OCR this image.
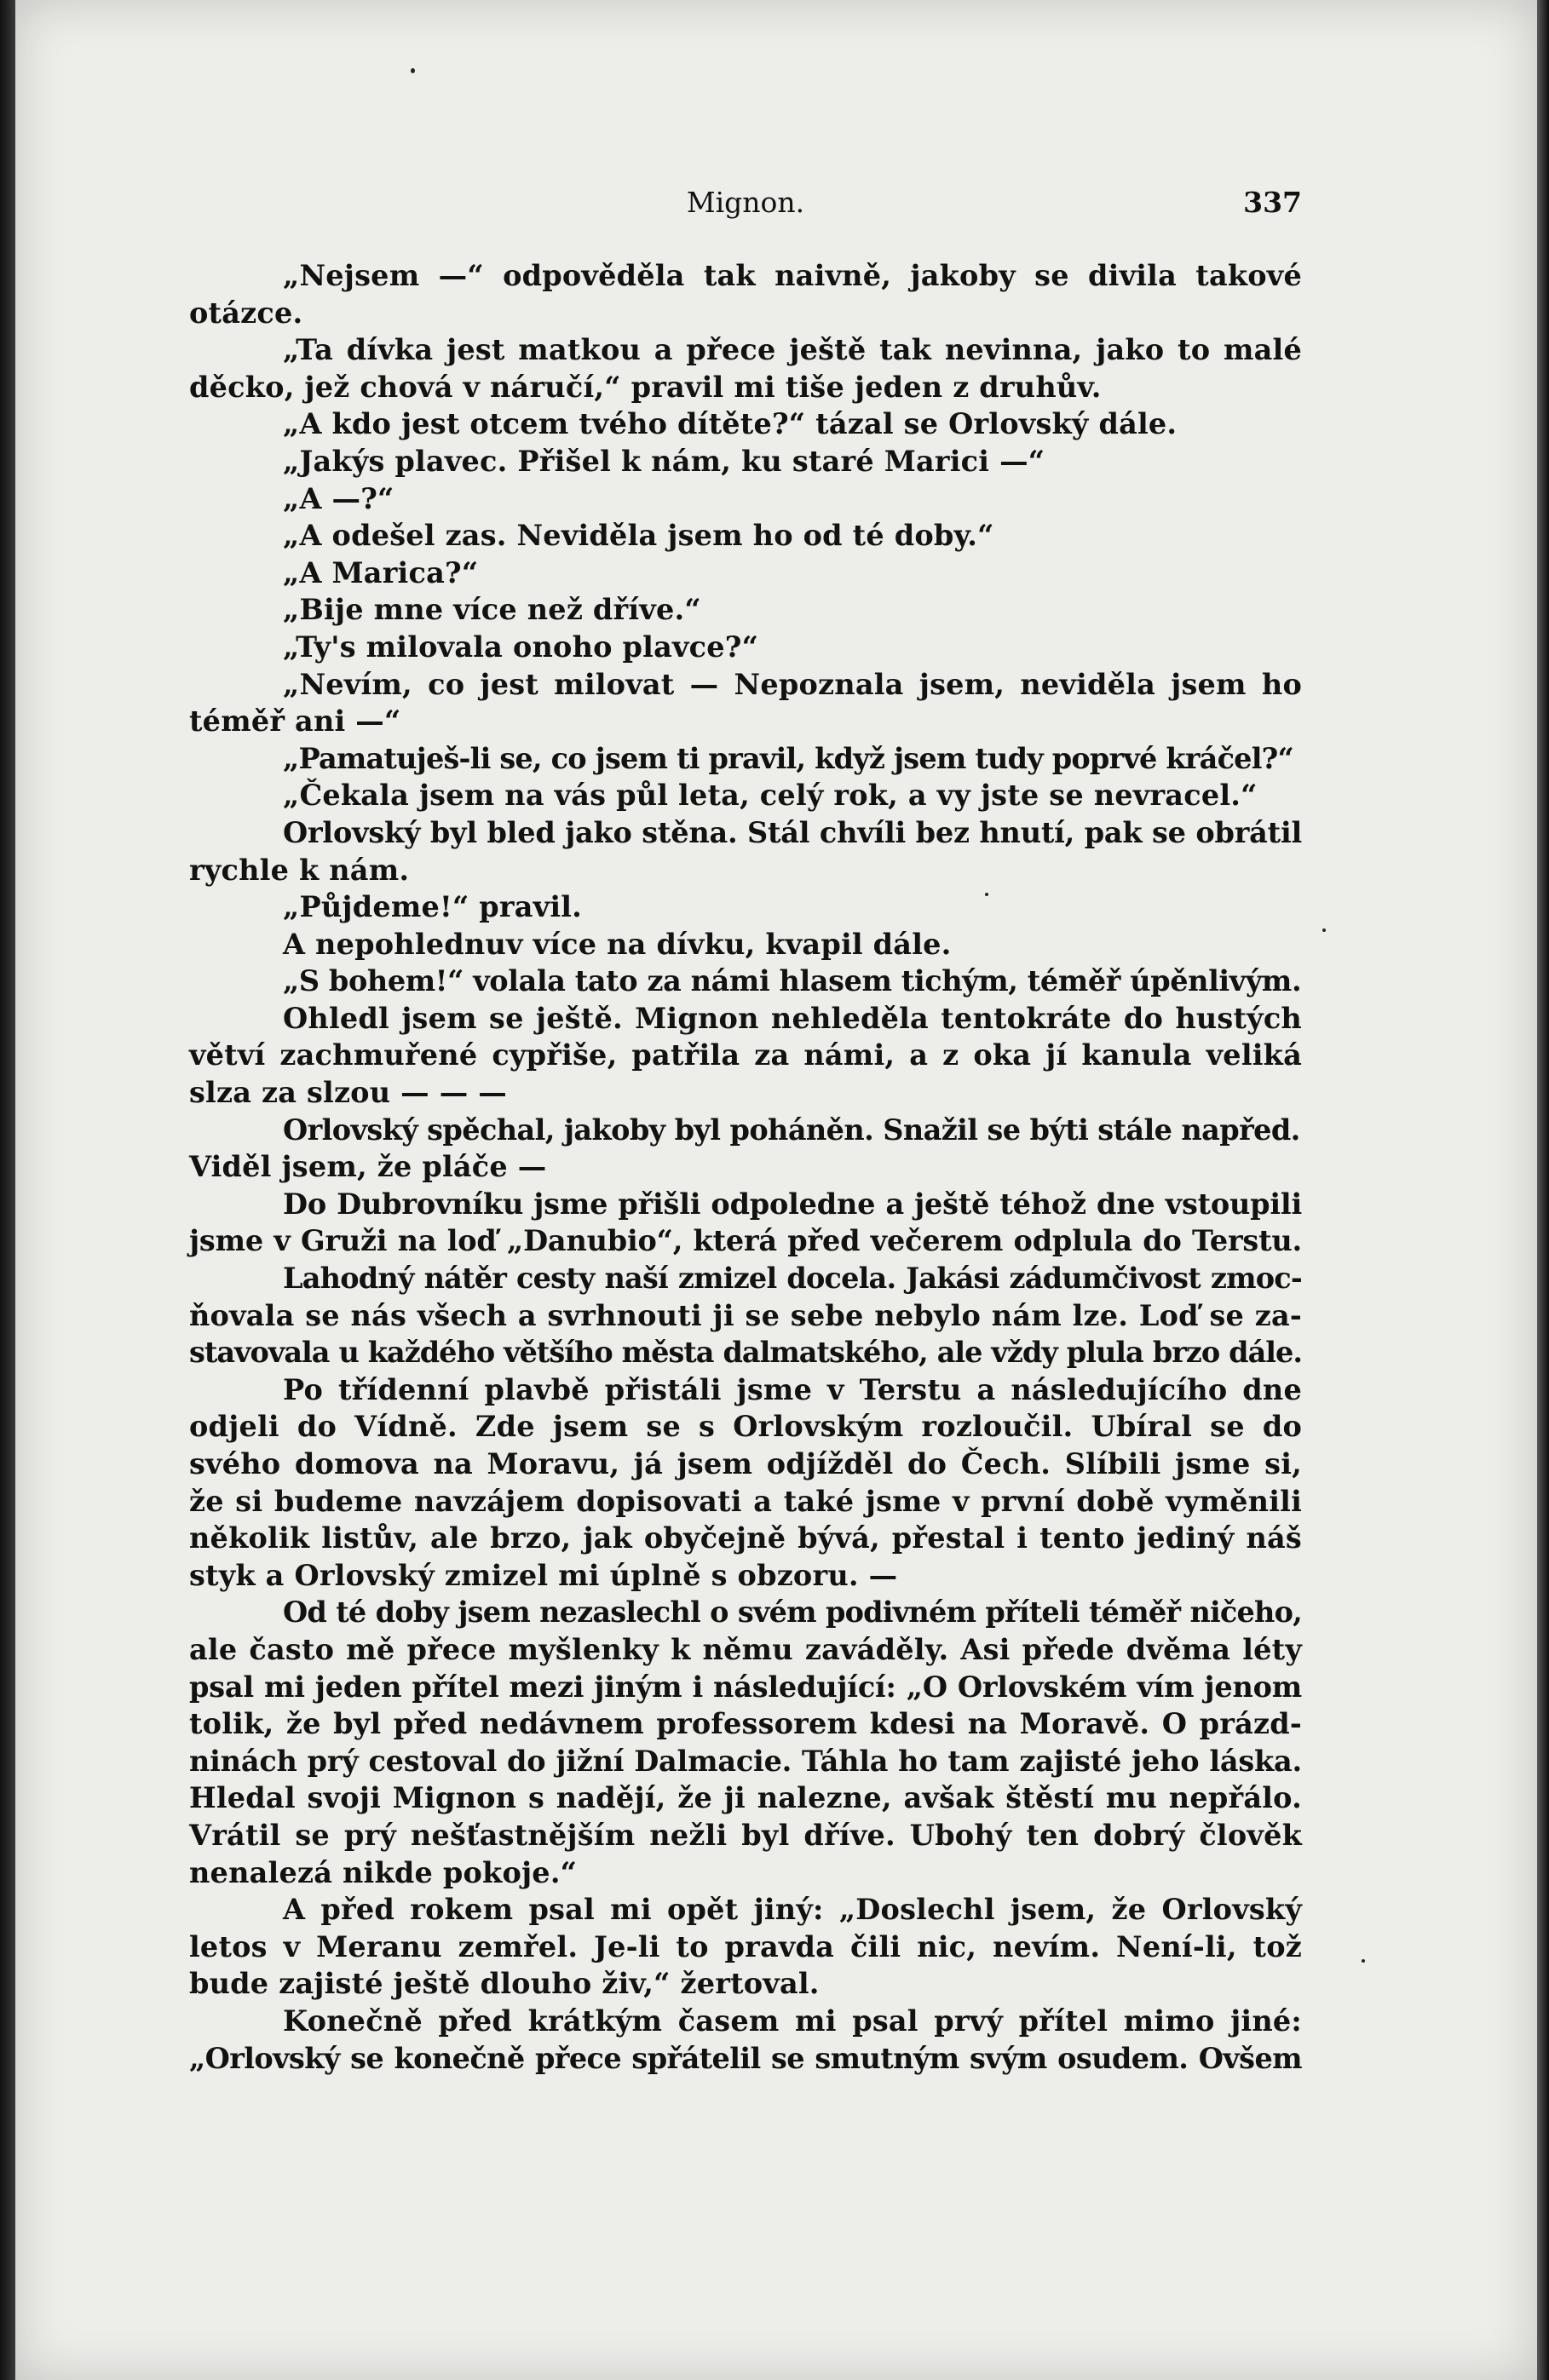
Mignon.	337
„Nejsem —“ odpověděla tak naivně, jakoby se divila takové
otázce.
„Ta dívka jest matkou a přece ještě tak nevinna, jako to malé
děcko, jež chová v náručí,“ pravil mi tiše jeden z druhův.
„A kdo jest otcem tvého dítěte?“ tázal se Orlovský dále.
„Jakýs plavec. Přišel k nám, ku staré Marici —“
„A —?“
„A odešel zas. Neviděla jsem ho od té doby.“
„A Marica?“
„Bije mne více než dříve.“
„Ty's milovala onoho plavce?“
„Nevím, co jest milovat — Nepoznala jsem, neviděla jsem ho
téměř ani —“
„Pamatuješ-li se, co jsem ti pravil, když jsem tudy poprvé kráčel?“
„Čekala jsem na vás půl leta, celý rok, a vy jste se nevracel.“
Orlovský byl bled jako stěna. Stál chvíli bez hnutí, pak se obrátil
rychle k nám.
„Půjdeme!“ pravil.
A nepohlednuv více na dívku, kvapil dále.
„S bohem!“ volala tato za námi hlasem tichým, téměř úpěnlivým.
Ohledl jsem se ještě. Mignon nehleděla tentokráte do hustých
větví zachmuřené cypřiše, patřila za námi, a z oka jí kanula veliká
slza za slzou — — —
Orlovský spěchal, jakoby byl poháněn. Snažil se býti stále napřed.
Viděl jsem, že pláče —
Do Dubrovníku jsme přišli odpoledne a ještě téhož dne vstoupili
jsme v Gruži na loď „Danubio“, která před večerem odplula do Terstu.
Lahodný nátěr cesty naší zmizel docela. Jakási zádumčivost zmoc-
ňovala se nás všech a svrhnouti ji se sebe nebylo nám lze. Loď se za-
stavovala u každého většího města dalmatského, ale vždy plula brzo dále.
Po třídenní plavbě přistáli jsme v Terstu a následujícího dne
odjeli do Vídně. Zde jsem se s Orlovským rozloučil. Ubíral se do
svého domova na Moravu, já jsem odjížděl do Čech. Slíbili jsme si,
že si budeme navzájem dopisovati a také jsme v první době vyměnili
několik listův, ale brzo, jak obyčejně bývá, přestal i tento jediný náš
styk a Orlovský zmizel mi úplně s obzoru. —
Od té doby jsem nezaslechl o svém podivném příteli téměř ničeho,
ale často mě přece myšlenky k němu zaváděly. Asi přede dvěma léty
psal mi jeden přítel mezi jiným i následující: „O Orlovském vím jenom
tolik, že byl před nedávnem professorem kdesi na Moravě. O prázd-
ninách prý cestoval do jižní Dalmacie. Táhla ho tam zajisté jeho láska.
Hledal svoji Mignon s nadějí, že ji nalezne, avšak štěstí mu nepřálo.
Vrátil se prý nešťastnějším nežli byl dříve. Ubohý ten dobrý člověk
nenalezá nikde pokoje.“
A před rokem psal mi opět jiný: „Doslechl jsem, že Orlovský
letos v Meranu zemřel. Je-li to pravda čili nic, nevím. Není-li, tož
bude zajisté ještě dlouho živ,“ žertoval.
Konečně před krátkým časem mi psal prvý přítel mimo jiné:
„Orlovský se konečně přece spřátelil se smutným svým osudem. Ovšem
